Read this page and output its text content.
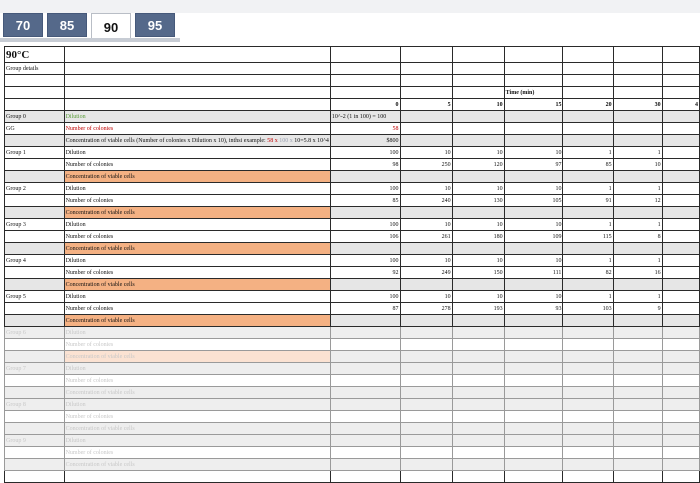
70	85	90	95
90°C								
Group details								

					Time (min)			
		0	5	10	15	20	30	4
Group 0	Dilution	10^-2 (1 in 100) = 100						
GG	Number of colonies	58						
	Concentration of viable cells (Number of colonies x Dilution x 10), inthsi example: 58 x 100 x 10=5.8 x 10^4	$800						
Group 1	Dilution	100	10	10	10	1	1	
	Number of colonies	98	250	120	97	85	10	
	Concentration of viable cells							
Group 2	Dilution	100	10	10	10	1	1	
	Number of colonies	85	240	130	105	91	12	
	Concentration of viable cells							
Group 3	Dilution	100	10	10	10	1	1	
	Number of colonies	106	261	180	109	115	8	
	Concentration of viable cells							
Group 4	Dilution	100	10	10	10	1	1	
	Number of colonies	92	249	150	111	82	16	
	Concentration of viable cells							
Group 5	Dilution	100	10	10	10	1	1	
	Number of colonies	87	278	193	93	103	9	
	Concentration of viable cells							
Group 6	Dilution							
	Number of colonies							
	Concentration of viable cells							
Group 7	Dilution							
	Number of colonies							
	Concentration of viable cells							
Group 8	Dilution							
	Number of colonies							
	Concentration of viable cells							
Group 9	Dilution							
	Number of colonies							
	Concentration of viable cells							
